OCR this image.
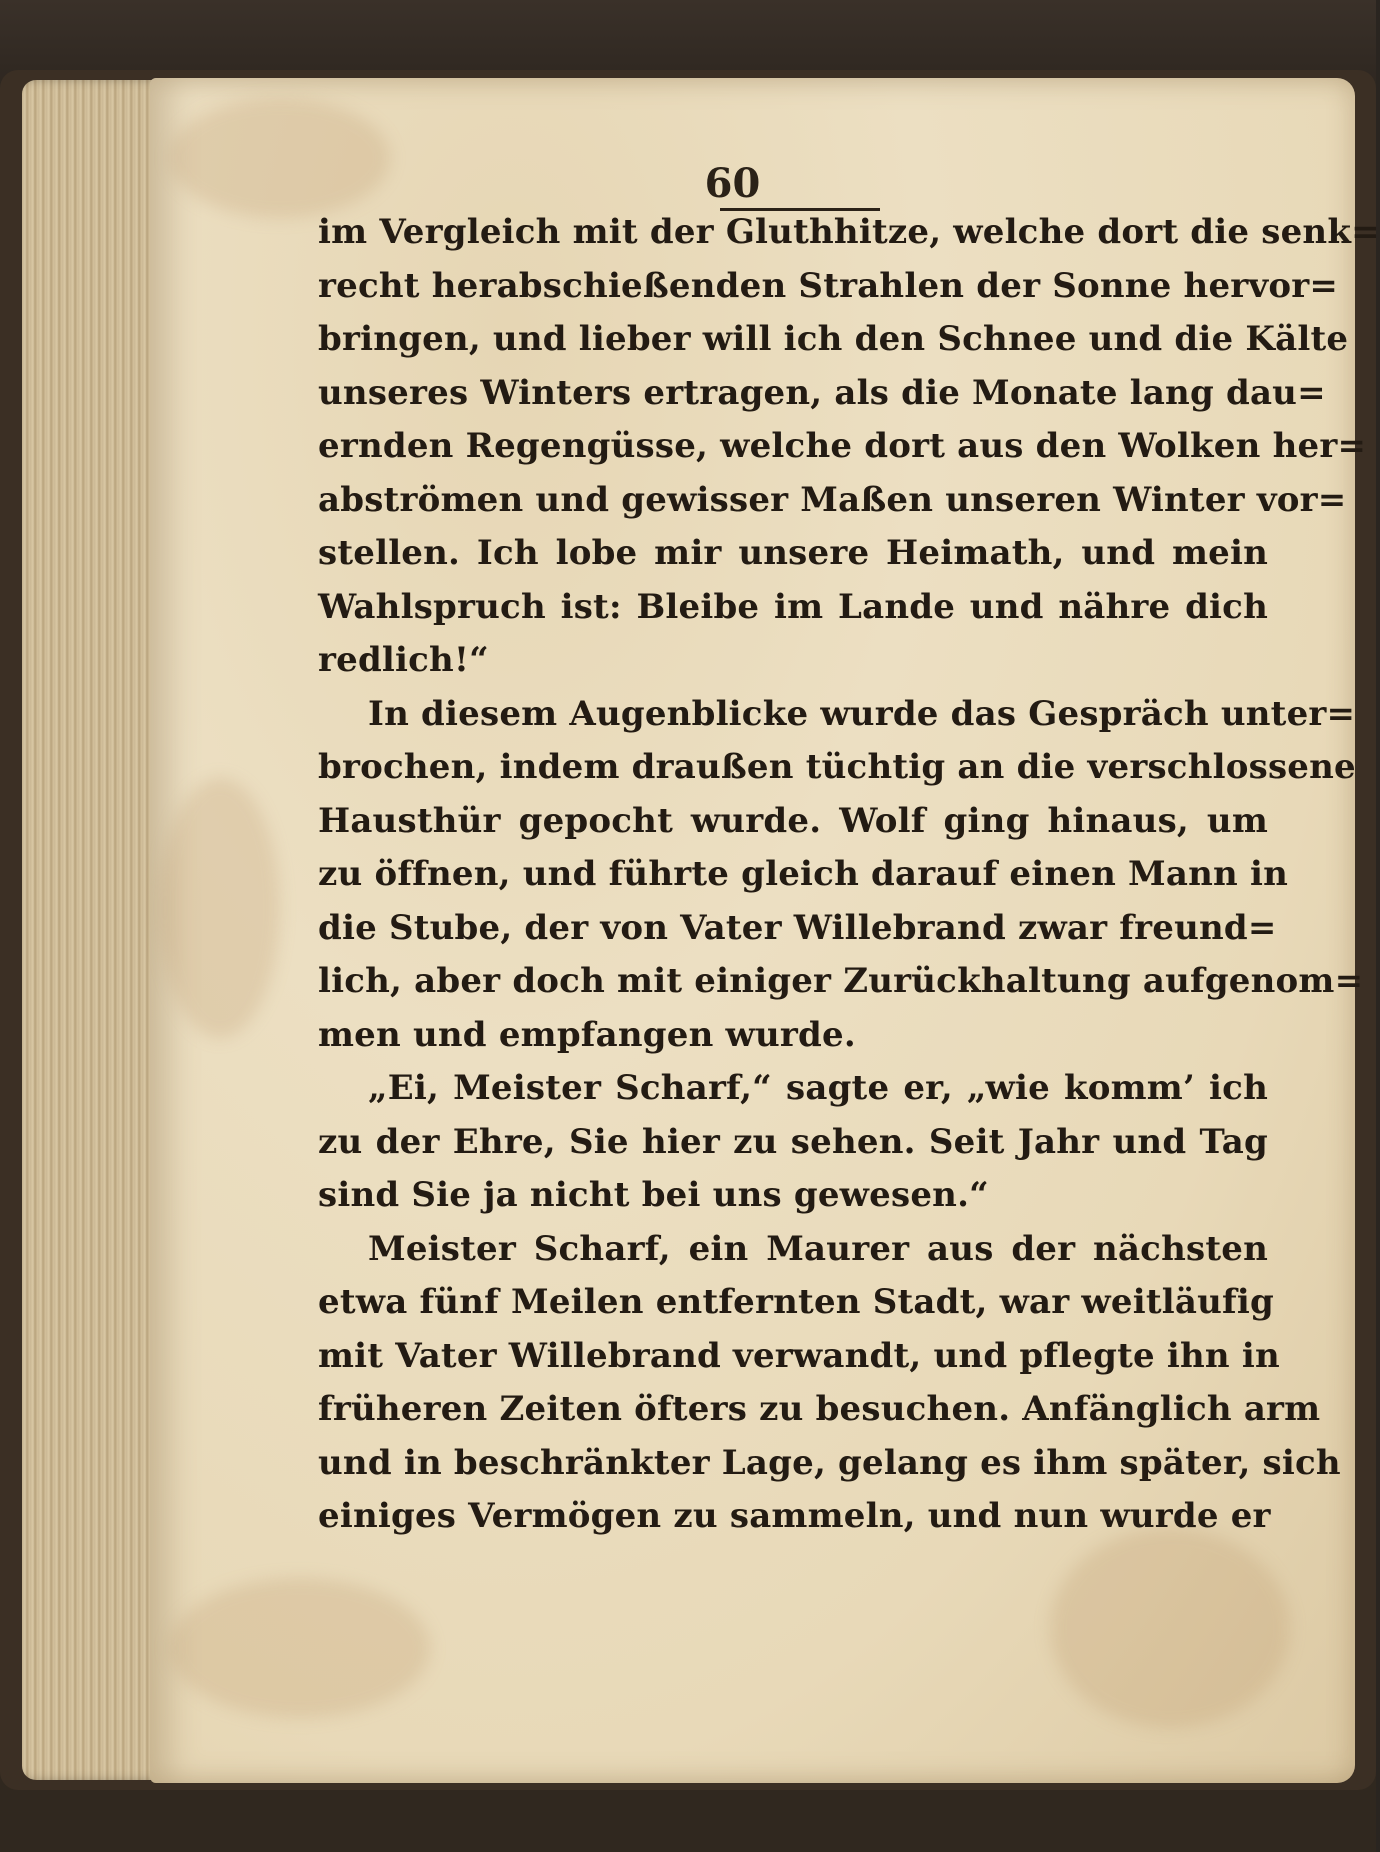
60
im Vergleich mit der Gluthhitze, welche dort die senk=
recht herabschießenden Strahlen der Sonne hervor=
bringen, und lieber will ich den Schnee und die Kälte
unseres Winters ertragen, als die Monate lang dau=
ernden Regengüsse, welche dort aus den Wolken her=
abströmen und gewisser Maßen unseren Winter vor=
stellen. Ich lobe mir unsere Heimath, und mein
Wahlspruch ist: Bleibe im Lande und nähre dich
redlich!“
In diesem Augenblicke wurde das Gespräch unter=
brochen, indem draußen tüchtig an die verschlossene
Hausthür gepocht wurde. Wolf ging hinaus, um
zu öffnen, und führte gleich darauf einen Mann in
die Stube, der von Vater Willebrand zwar freund=
lich, aber doch mit einiger Zurückhaltung aufgenom=
men und empfangen wurde.
„Ei, Meister Scharf,“ sagte er, „wie komm’ ich
zu der Ehre, Sie hier zu sehen. Seit Jahr und Tag
sind Sie ja nicht bei uns gewesen.“
Meister Scharf, ein Maurer aus der nächsten
etwa fünf Meilen entfernten Stadt, war weitläufig
mit Vater Willebrand verwandt, und pflegte ihn in
früheren Zeiten öfters zu besuchen. Anfänglich arm
und in beschränkter Lage, gelang es ihm später, sich
einiges Vermögen zu sammeln, und nun wurde er
